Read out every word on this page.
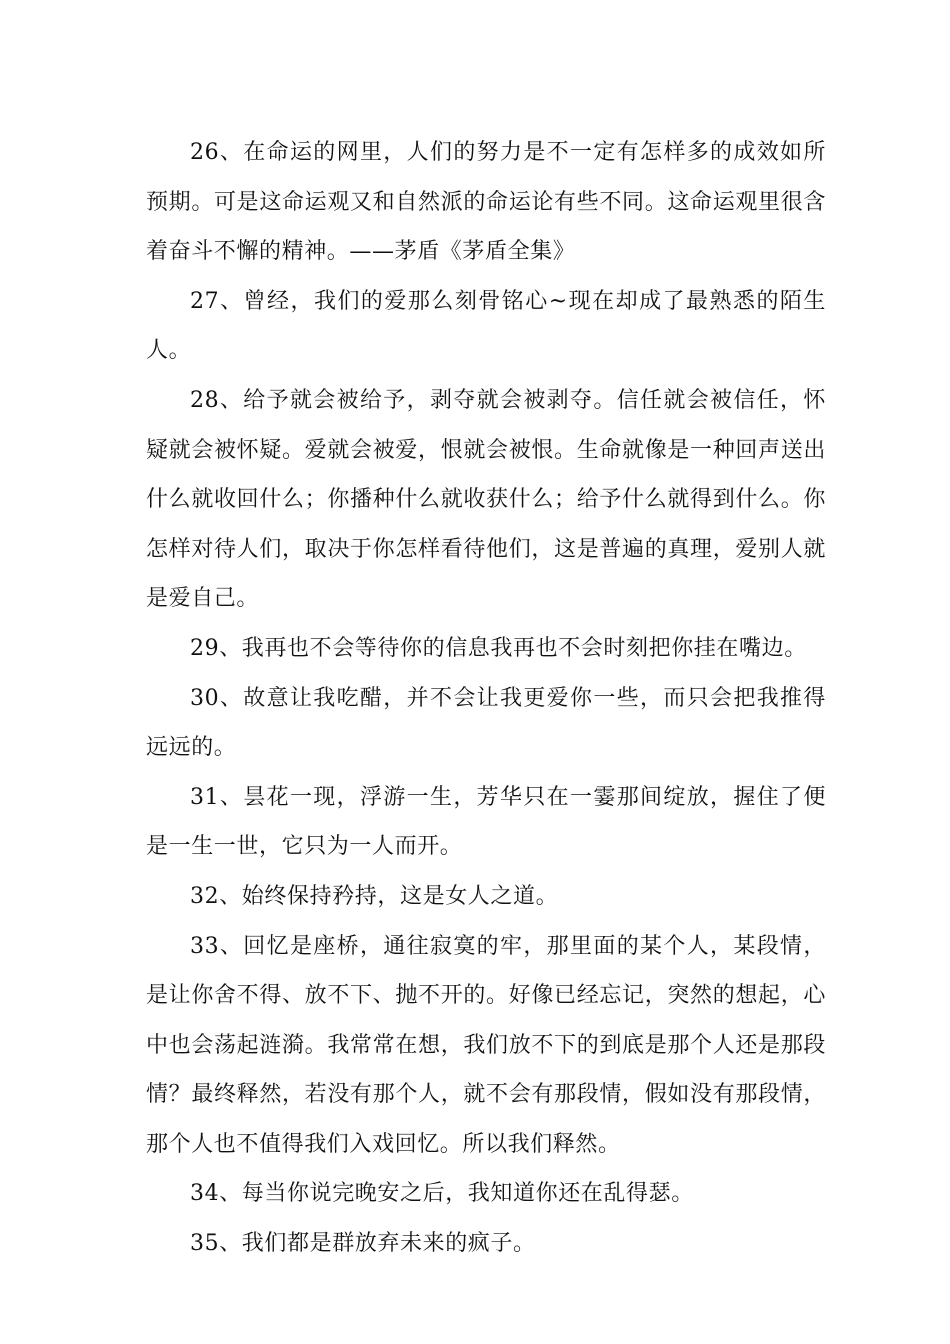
26、在命运的网里，人们的努力是不一定有怎样多的成效如所预期。可是这命运观又和自然派的命运论有些不同。这命运观里很含着奋斗不懈的精神。——茅盾《茅盾全集》

27、曾经，我们的爱那么刻骨铭心~现在却成了最熟悉的陌生人。

28、给予就会被给予，剥夺就会被剥夺。信任就会被信任，怀疑就会被怀疑。爱就会被爱，恨就会被恨。生命就像是一种回声送出什么就收回什么；你播种什么就收获什么；给予什么就得到什么。你怎样对待人们，取决于你怎样看待他们，这是普遍的真理，爱别人就是爱自己。

29、我再也不会等待你的信息我再也不会时刻把你挂在嘴边。

30、故意让我吃醋，并不会让我更爱你一些，而只会把我推得远远的。

31、昙花一现，浮游一生，芳华只在一霎那间绽放，握住了便是一生一世，它只为一人而开。

32、始终保持矜持，这是女人之道。

33、回忆是座桥，通往寂寞的牢，那里面的某个人，某段情，是让你舍不得、放不下、抛不开的。好像已经忘记，突然的想起，心中也会荡起涟漪。我常常在想，我们放不下的到底是那个人还是那段情？最终释然，若没有那个人，就不会有那段情，假如没有那段情，那个人也不值得我们入戏回忆。所以我们释然。

34、每当你说完晚安之后，我知道你还在乱得瑟。

35、我们都是群放弃未来的疯子。
